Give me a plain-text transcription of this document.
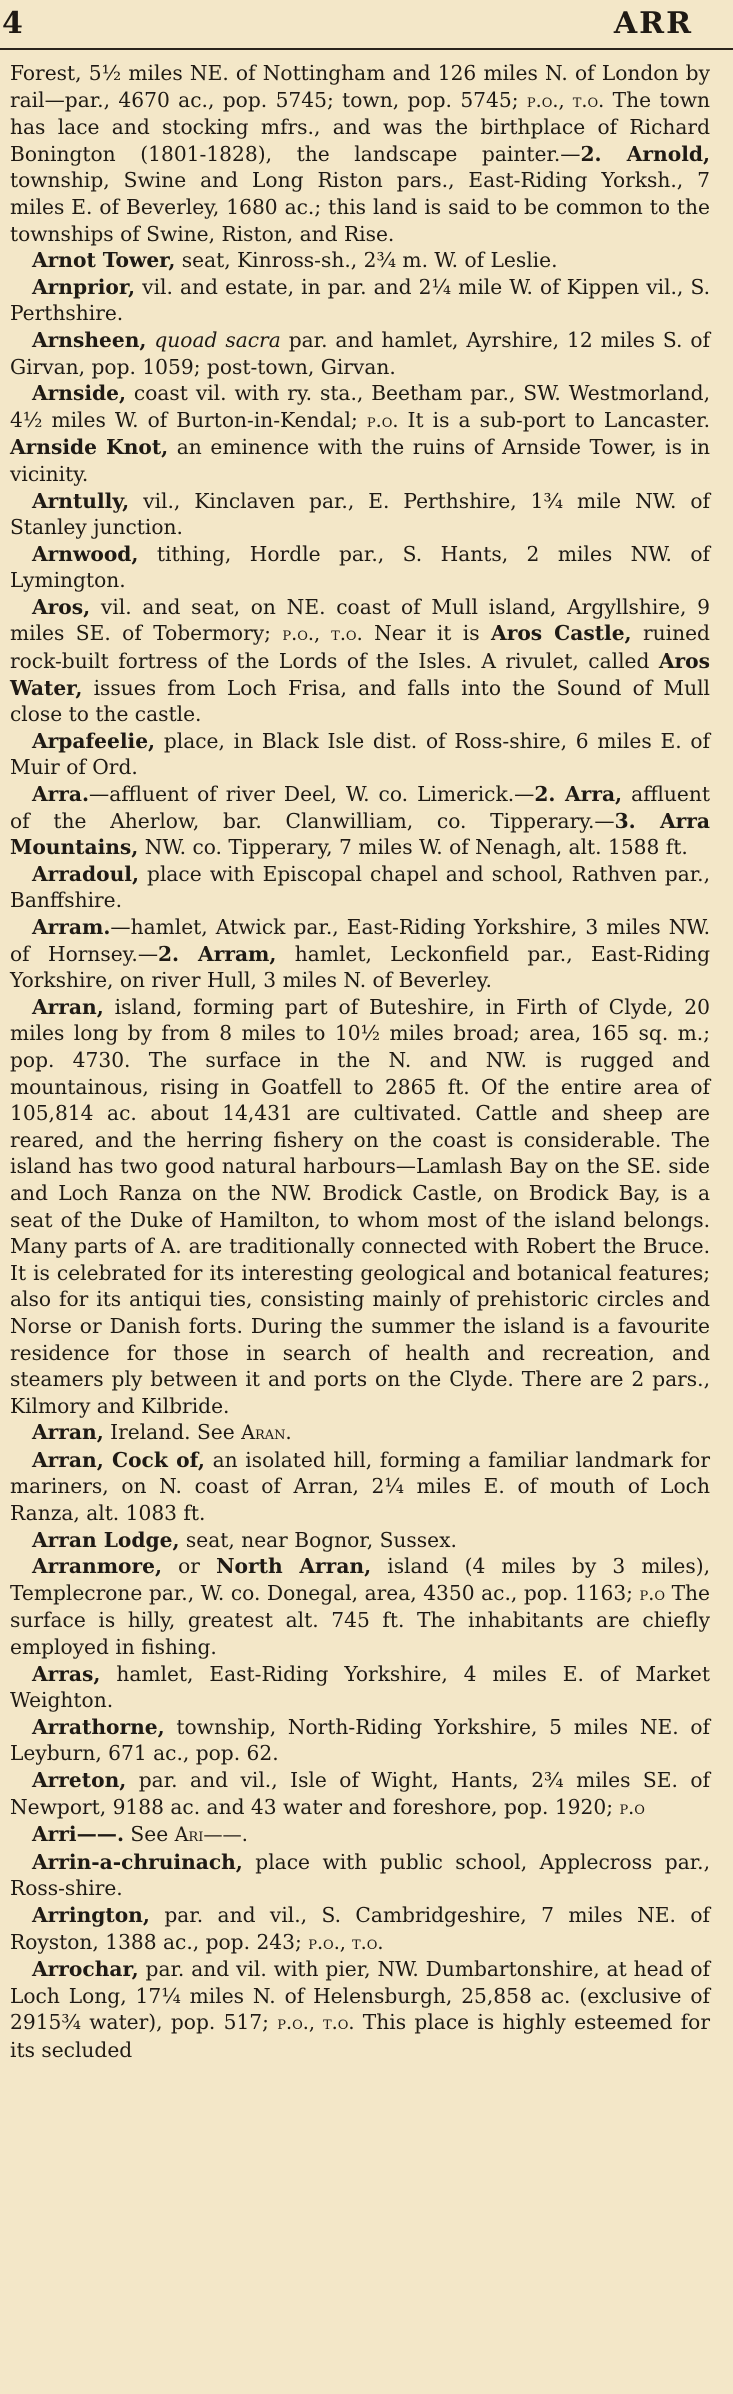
4	ARR

Forest, 5½ miles NE. of Nottingham and 126 miles N. of London by rail—par., 4670 ac., pop. 5745; town, pop. 5745; p.o., t.o. The town has lace and stocking mfrs., and was the birthplace of Richard Bonington (1801-1828), the landscape painter.—2. Arnold, township, Swine and Long Riston pars., East-Riding Yorksh., 7 miles E. of Beverley, 1680 ac.; this land is said to be common to the townships of Swine, Riston, and Rise.

Arnot Tower, seat, Kinross-sh., 2¾ m. W. of Leslie.

Arnprior, vil. and estate, in par. and 2¼ mile W. of Kippen vil., S. Perthshire.

Arnsheen, quoad sacra par. and hamlet, Ayrshire, 12 miles S. of Girvan, pop. 1059; post-town, Girvan.

Arnside, coast vil. with ry. sta., Beetham par., SW. Westmorland, 4½ miles W. of Burton-in-Kendal; p.o. It is a sub-port to Lancaster. Arnside Knot, an eminence with the ruins of Arnside Tower, is in vicinity.

Arntully, vil., Kinclaven par., E. Perthshire, 1¾ mile NW. of Stanley junction.

Arnwood, tithing, Hordle par., S. Hants, 2 miles NW. of Lymington.

Aros, vil. and seat, on NE. coast of Mull island, Argyllshire, 9 miles SE. of Tobermory; p.o., t.o. Near it is Aros Castle, ruined rock-built fortress of the Lords of the Isles. A rivulet, called Aros Water, issues from Loch Frisa, and falls into the Sound of Mull close to the castle.

Arpafeelie, place, in Black Isle dist. of Ross-shire, 6 miles E. of Muir of Ord.

Arra.—affluent of river Deel, W. co. Limerick.—2. Arra, affluent of the Aherlow, bar. Clanwilliam, co. Tipperary.—3. Arra Mountains, NW. co. Tipperary, 7 miles W. of Nenagh, alt. 1588 ft.

Arradoul, place with Episcopal chapel and school, Rathven par., Banffshire.

Arram.—hamlet, Atwick par., East-Riding Yorkshire, 3 miles NW. of Hornsey.—2. Arram, hamlet, Leckonfield par., East-Riding Yorkshire, on river Hull, 3 miles N. of Beverley.

Arran, island, forming part of Buteshire, in Firth of Clyde, 20 miles long by from 8 miles to 10½ miles broad; area, 165 sq. m.; pop. 4730. The surface in the N. and NW. is rugged and mountainous, rising in Goatfell to 2865 ft. Of the entire area of 105,814 ac. about 14,431 are cultivated. Cattle and sheep are reared, and the herring fishery on the coast is considerable. The island has two good natural harbours—Lamlash Bay on the SE. side and Loch Ranza on the NW. Brodick Castle, on Brodick Bay, is a seat of the Duke of Hamilton, to whom most of the island belongs. Many parts of A. are traditionally connected with Robert the Bruce. It is celebrated for its interesting geological and botanical features; also for its antiqui ties, consisting mainly of prehistoric circles and Norse or Danish forts. During the summer the island is a favourite residence for those in search of health and recreation, and steamers ply between it and ports on the Clyde. There are 2 pars., Kilmory and Kilbride.

Arran, Ireland. See Aran.

Arran, Cock of, an isolated hill, forming a familiar landmark for mariners, on N. coast of Arran, 2¼ miles E. of mouth of Loch Ranza, alt. 1083 ft.

Arran Lodge, seat, near Bognor, Sussex.

Arranmore, or North Arran, island (4 miles by 3 miles), Templecrone par., W. co. Donegal, area, 4350 ac., pop. 1163; p.o The surface is hilly, greatest alt. 745 ft. The inhabitants are chiefly employed in fishing.

Arras, hamlet, East-Riding Yorkshire, 4 miles E. of Market Weighton.

Arrathorne, township, North-Riding Yorkshire, 5 miles NE. of Leyburn, 671 ac., pop. 62.

Arreton, par. and vil., Isle of Wight, Hants, 2¾ miles SE. of Newport, 9188 ac. and 43 water and foreshore, pop. 1920; p.o

Arri——. See Ari——.

Arrin-a-chruinach, place with public school, Applecross par., Ross-shire.

Arrington, par. and vil., S. Cambridgeshire, 7 miles NE. of Royston, 1388 ac., pop. 243; p.o., t.o.

Arrochar, par. and vil. with pier, NW. Dumbartonshire, at head of Loch Long, 17¼ miles N. of Helensburgh, 25,858 ac. (exclusive of 2915¾ water), pop. 517; p.o., t.o. This place is highly esteemed for its secluded
